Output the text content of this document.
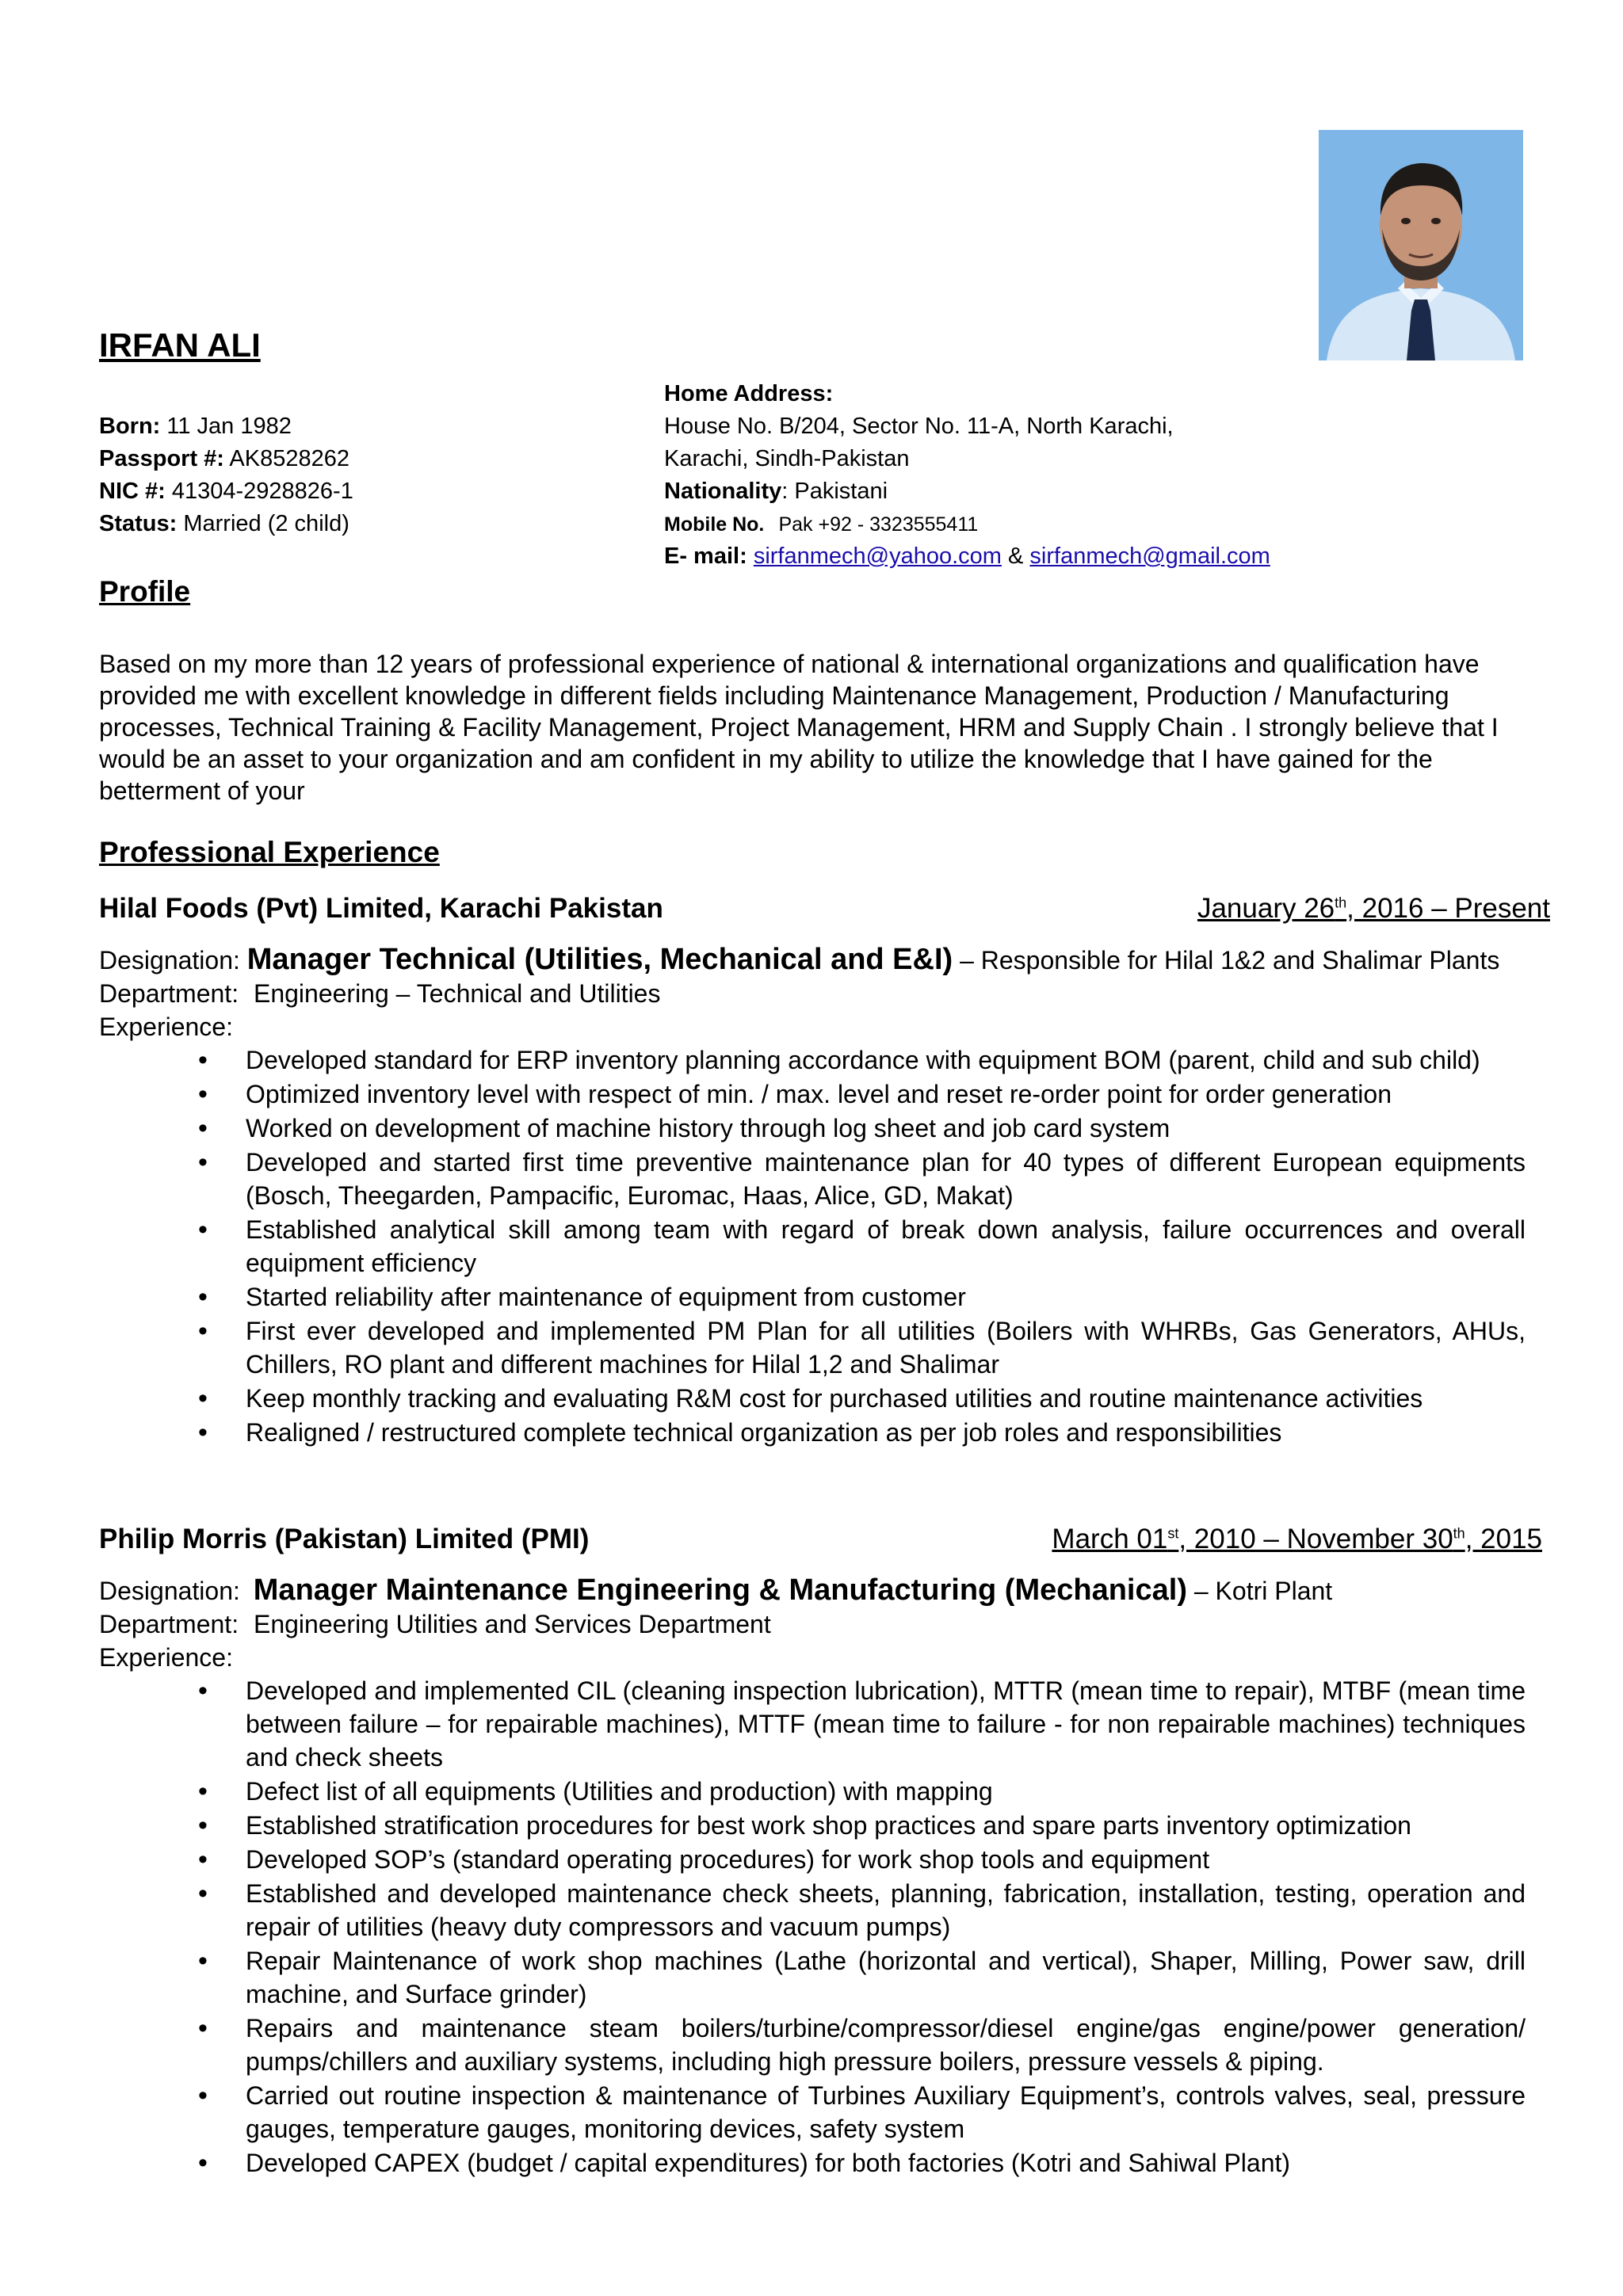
IRFAN ALI
Born: 11 Jan 1982
Passport #: AK8528262
NIC #: 41304-2928826-1
Status: Married (2 child)
Home Address:
House No. B/204, Sector No. 11-A, North Karachi,
Karachi, Sindh-Pakistan
Nationality: Pakistani
Mobile No. Pak +92 - 3323555411
E- mail: sirfanmech@yahoo.com & sirfanmech@gmail.com
Profile
Based on my more than 12 years of professional experience of national & international organizations and qualification have provided me with excellent knowledge in different fields including Maintenance Management, Production / Manufacturing processes, Technical Training & Facility Management, Project Management, HRM and Supply Chain . I strongly believe that I would be an asset to your organization and am confident in my ability to utilize the knowledge that I have gained for the betterment of your
Professional Experience
Hilal Foods (Pvt) Limited, Karachi Pakistan	January 26th, 2016 – Present
Designation: Manager Technical (Utilities, Mechanical and E&I) – Responsible for Hilal 1&2 and Shalimar Plants
Department: Engineering – Technical and Utilities
Experience:
• Developed standard for ERP inventory planning accordance with equipment BOM (parent, child and sub child)
• Optimized inventory level with respect of min. / max. level and reset re-order point for order generation
• Worked on development of machine history through log sheet and job card system
• Developed and started first time preventive maintenance plan for 40 types of different European equipments (Bosch, Theegarden, Pampacific, Euromac, Haas, Alice, GD, Makat)
• Established analytical skill among team with regard of break down analysis, failure occurrences and overall equipment efficiency
• Started reliability after maintenance of equipment from customer
• First ever developed and implemented PM Plan for all utilities (Boilers with WHRBs, Gas Generators, AHUs, Chillers, RO plant and different machines for Hilal 1,2 and Shalimar
• Keep monthly tracking and evaluating R&M cost for purchased utilities and routine maintenance activities
• Realigned / restructured complete technical organization as per job roles and responsibilities
Philip Morris (Pakistan) Limited (PMI)	March 01st, 2010 – November 30th, 2015
Designation: Manager Maintenance Engineering & Manufacturing (Mechanical) – Kotri Plant
Department: Engineering Utilities and Services Department
Experience:
• Developed and implemented CIL (cleaning inspection lubrication), MTTR (mean time to repair), MTBF (mean time between failure – for repairable machines), MTTF (mean time to failure - for non repairable machines) techniques and check sheets
• Defect list of all equipments (Utilities and production) with mapping
• Established stratification procedures for best work shop practices and spare parts inventory optimization
• Developed SOP’s (standard operating procedures) for work shop tools and equipment
• Established and developed maintenance check sheets, planning, fabrication, installation, testing, operation and repair of utilities (heavy duty compressors and vacuum pumps)
• Repair Maintenance of work shop machines (Lathe (horizontal and vertical), Shaper, Milling, Power saw, drill machine, and Surface grinder)
• Repairs and maintenance steam boilers/turbine/compressor/diesel engine/gas engine/power generation/ pumps/chillers and auxiliary systems, including high pressure boilers, pressure vessels & piping.
• Carried out routine inspection & maintenance of Turbines Auxiliary Equipment’s, controls valves, seal, pressure gauges, temperature gauges, monitoring devices, safety system
• Developed CAPEX (budget / capital expenditures) for both factories (Kotri and Sahiwal Plant)
